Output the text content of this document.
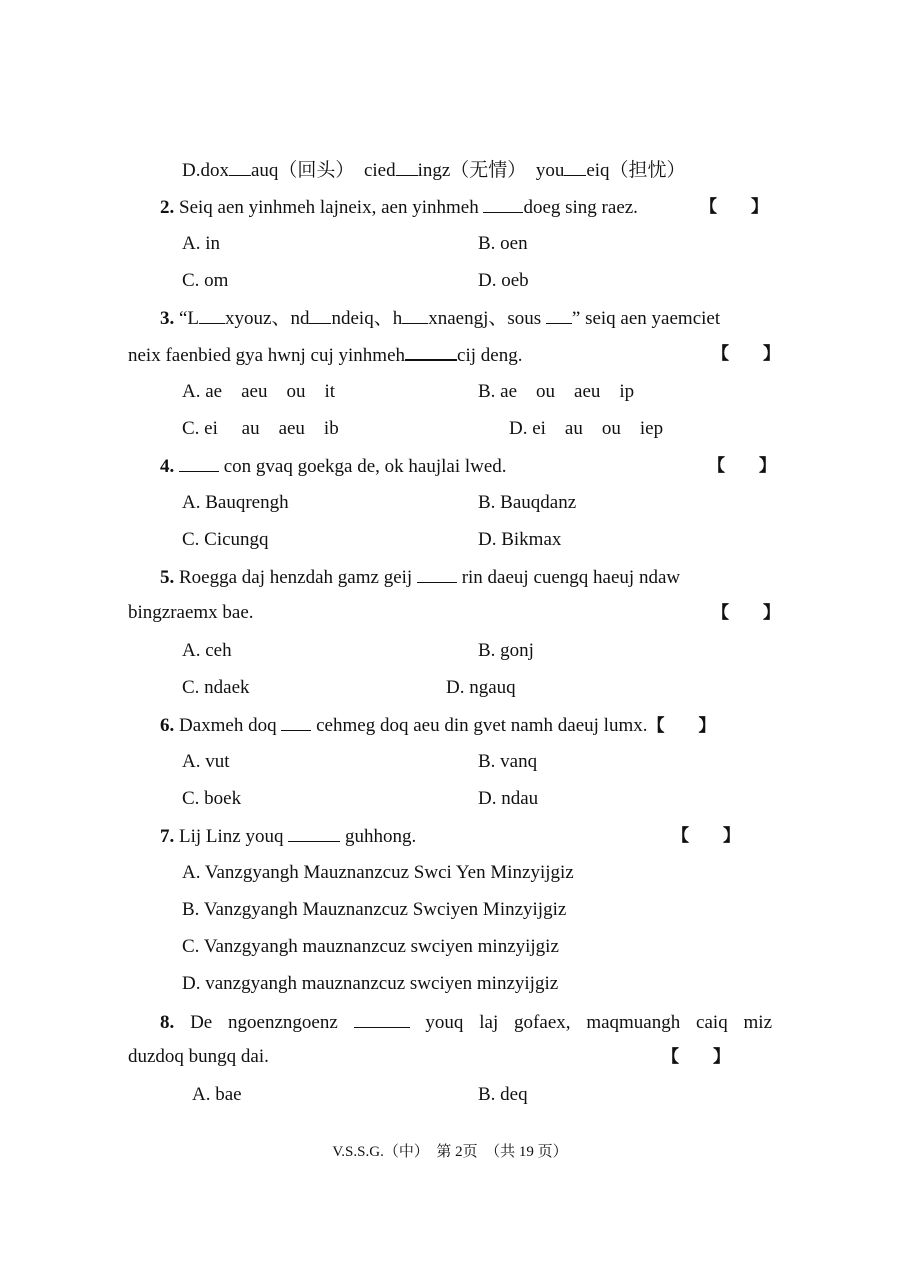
D.dox auq（回头）　 cied ingz（无情）　 you eiq（担忧）
2. Seiq aen yinhmeh lajneix, aen yinhmeh doeg sing raez.	【　　】
A. in	B. oen
C. om	D. oeb
3. “L xyouz、nd ndeiq、h xnaengj、sous ” seiq aen yaemciet
neix faenbied gya hwnj cuj yinhmeh	cij deng.	【　　】
A. ae　aeu　ou　it	B. ae　ou　aeu　ip
C. ei　 au　aeu　ib	D. ei　au　ou　iep
4.  con gvaq goekga de, ok haujlai lwed.	【　　】
A. Bauqrengh	B. Bauqdanz
C. Cicungq	D. Bikmax
5. Roegga daj henzdah gamz geij  rin daeuj cuengq haeuj ndaw
bingzraemx bae.	【　　】
A. ceh	B. gonj
C. ndaek	D. ngauq
6. Daxmeh doq  cehmeg doq aeu din gvet namh daeuj lumx.【　　】
A. vut	B. vanq
C. boek	D. ndau
7. Lij Linz youq	guhhong.	【　　】
A. Vanzgyangh Mauznanzcuz Swci Yen Minzyijgiz
B. Vanzgyangh Mauznanzcuz Swciyen Minzyijgiz
C. Vanzgyangh mauznanzcuz swciyen minzyijgiz
D. vanzgyangh mauznanzcuz swciyen minzyijgiz
8. De ngoenzngoenz	youq laj gofaex, maqmuangh caiq miz
duzdoq bungq dai.	【　　】
A. bae	B. deq
V.S.S.G.（中）　第 2页　（共 19 页）
